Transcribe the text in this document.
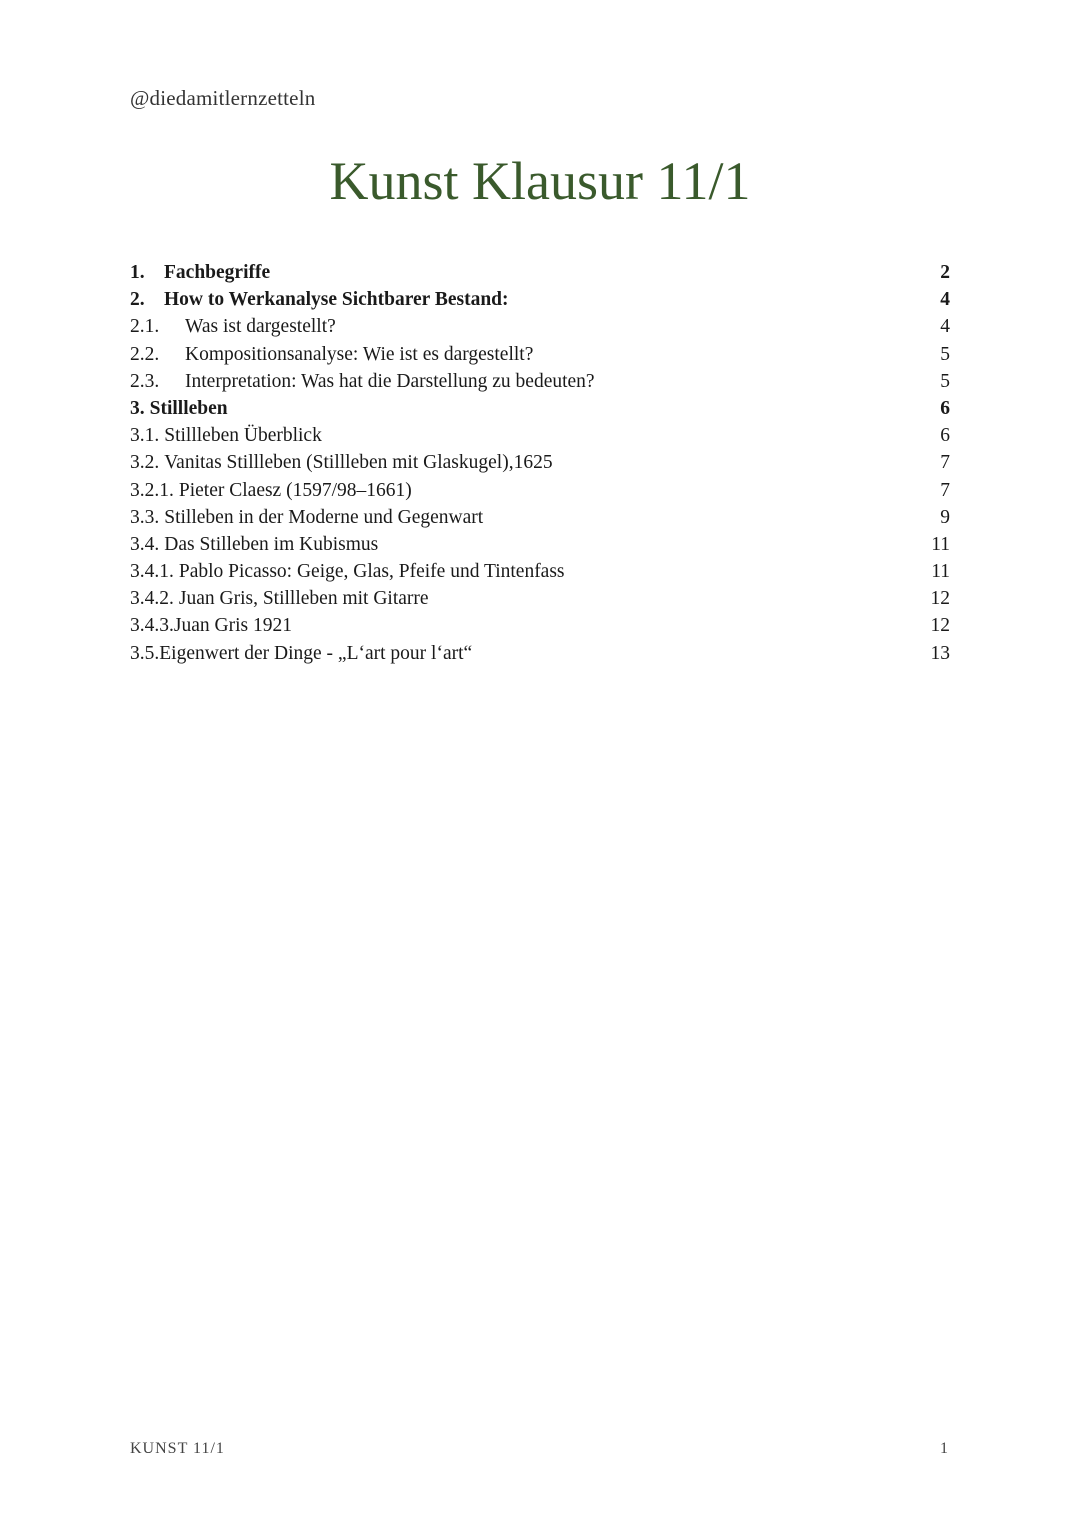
@diedamitlernzetteln
Kunst Klausur 11/1
1. Fachbegriffe	2
2. How to Werkanalyse Sichtbarer Bestand:	4
2.1.	Was ist dargestellt?	4
2.2.	Kompositionsanalyse: Wie ist es dargestellt?	5
2.3.	Interpretation: Was hat die Darstellung zu bedeuten?	5
3. Stillleben	6
3.1. Stillleben Überblick	6
3.2. Vanitas Stillleben (Stillleben mit Glaskugel),1625	7
3.2.1. Pieter Claesz (1597/98–1661)	7
3.3. Stilleben in der Moderne und Gegenwart	9
3.4. Das Stilleben im Kubismus	11
3.4.1. Pablo Picasso: Geige, Glas, Pfeife und Tintenfass	11
3.4.2. Juan Gris, Stillleben mit Gitarre	12
3.4.3. Juan Gris 1921	12
3.5. Eigenwert der Dinge - „L‘art pour l‘art“	13
KUNST 11/1	1
